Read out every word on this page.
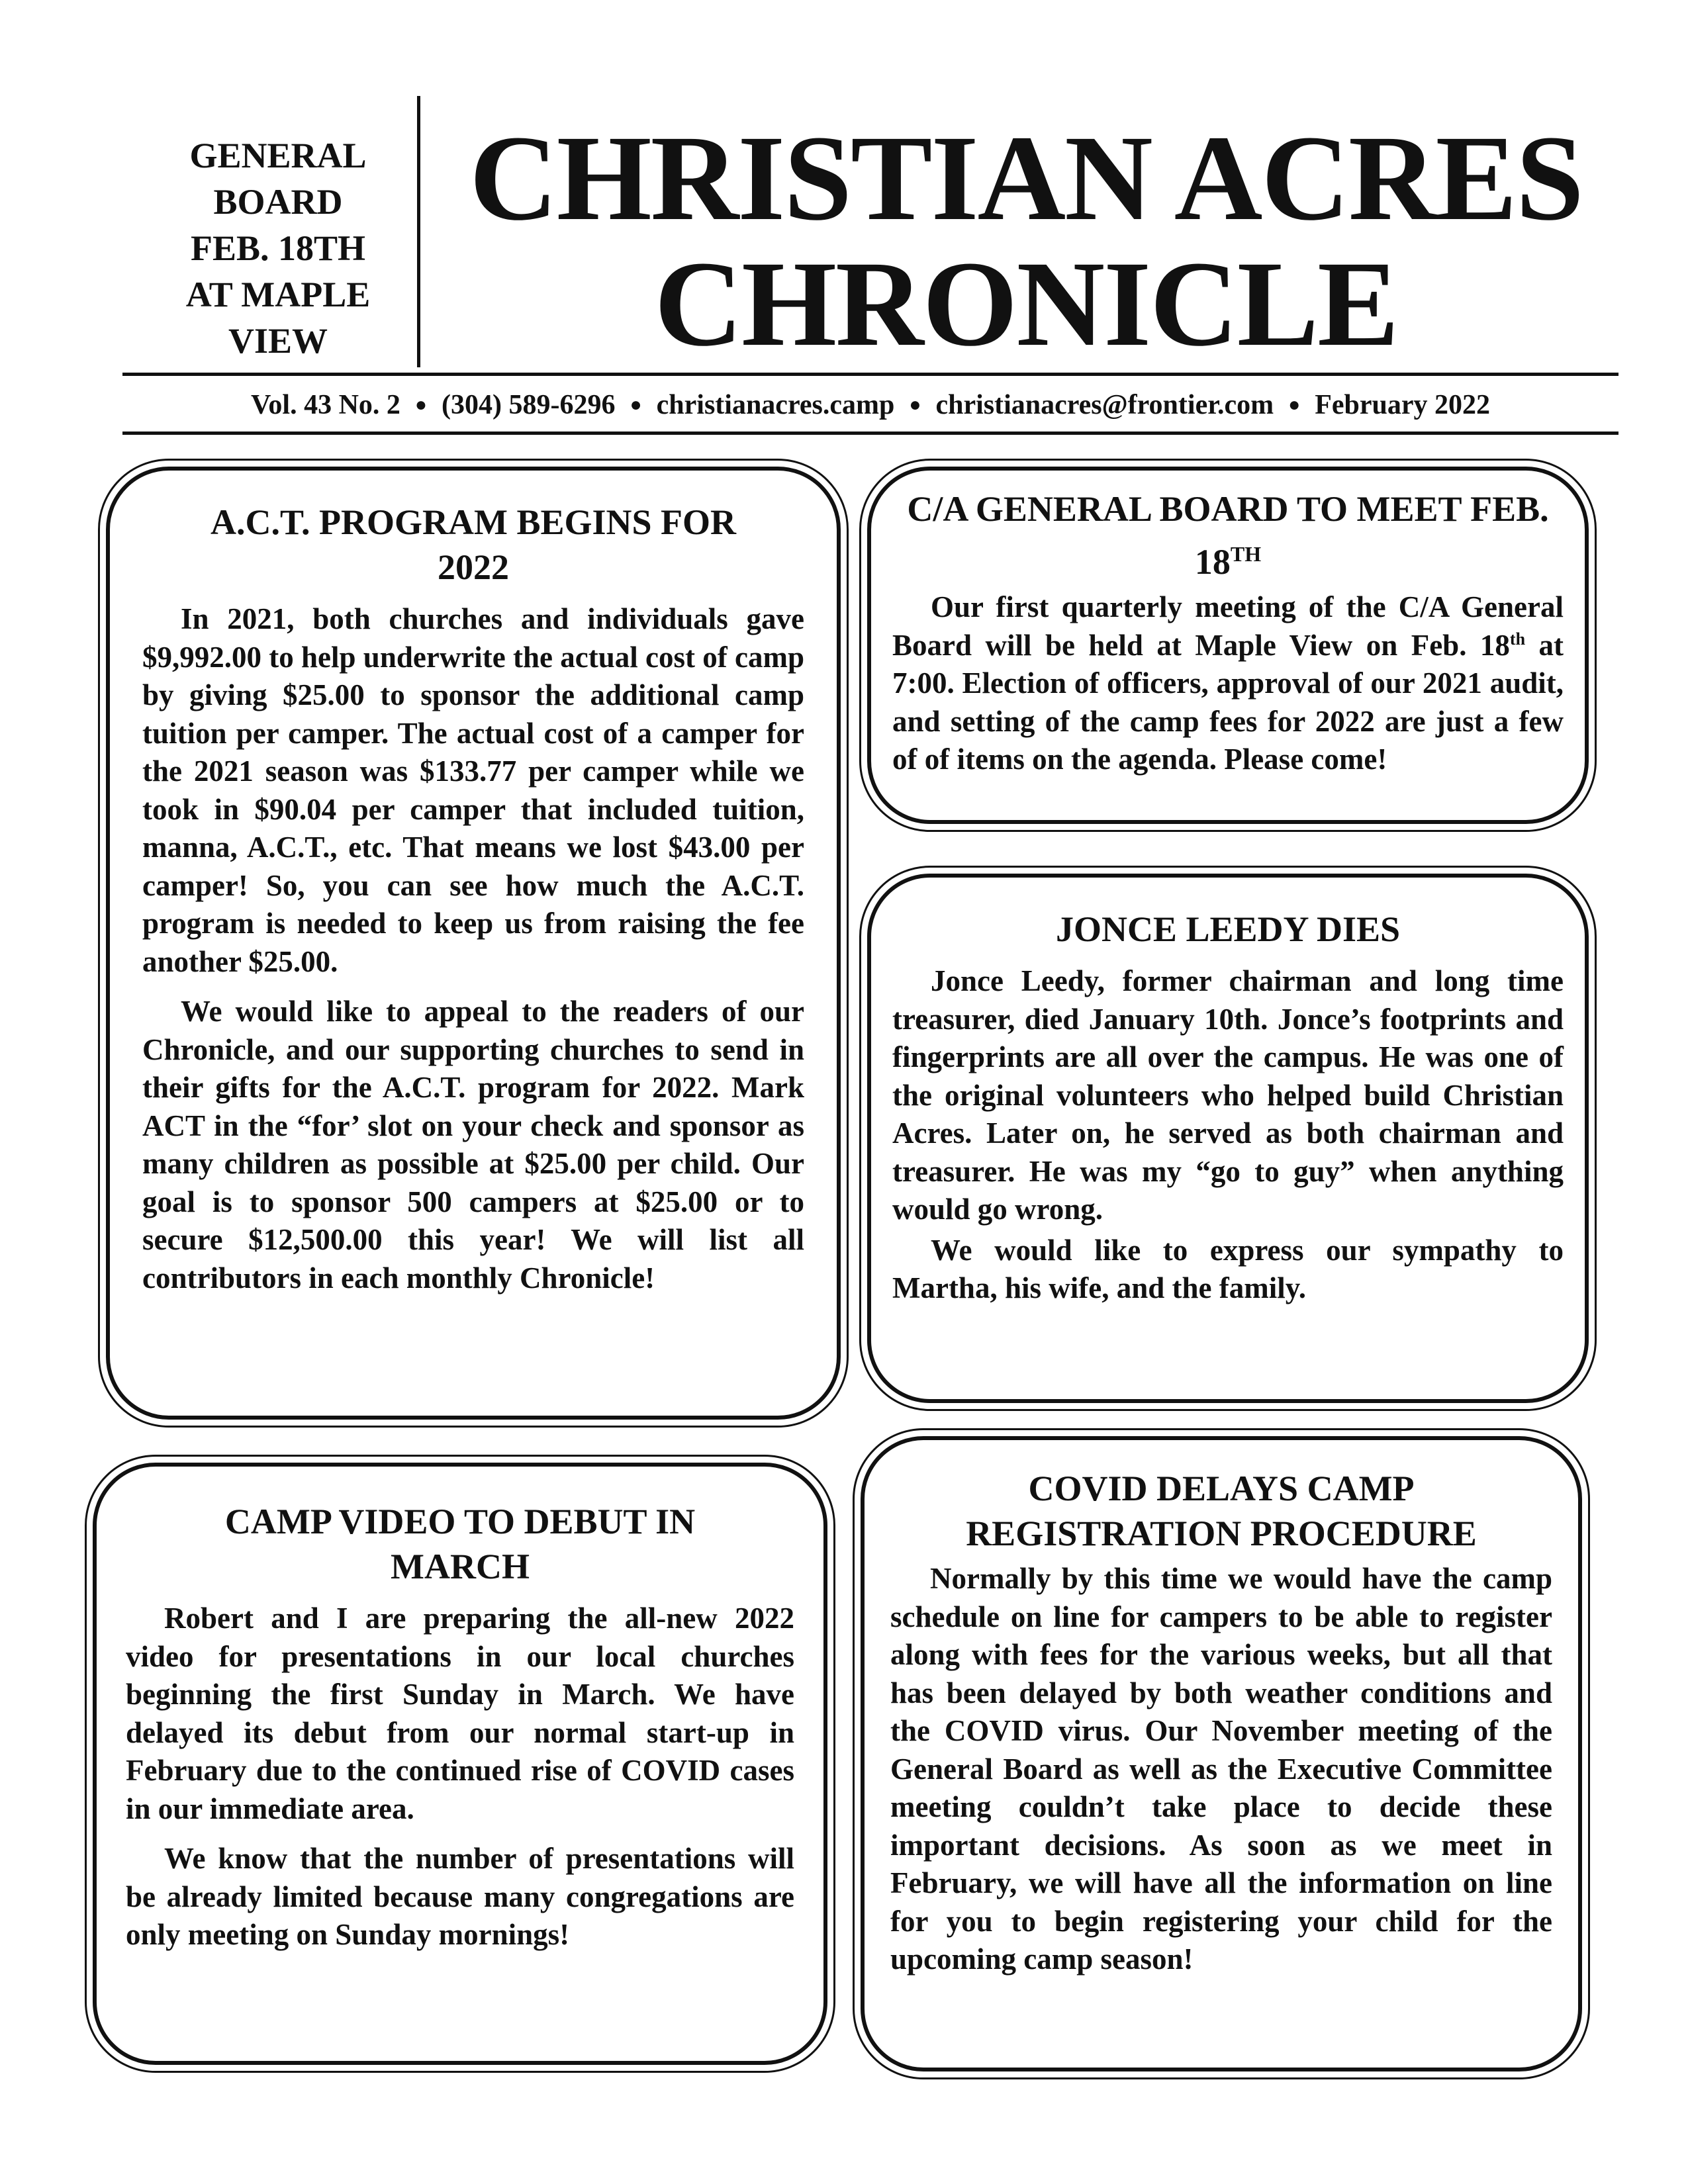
GENERAL
BOARD
FEB. 18TH
AT MAPLE
VIEW
CHRISTIAN ACRES
CHRONICLE
Vol. 43 No. 2 ● (304) 589-6296 ● christianacres.camp ● christianacres@frontier.com ● February 2022
A.C.T. PROGRAM BEGINS FOR 2022

In 2021, both churches and individuals gave $9,992.00 to help underwrite the actual cost of camp by giving $25.00 to sponsor the additional camp tuition per camper. The actual cost of a camper for the 2021 season was $133.77 per camper while we took in $90.04 per camper that included tuition, manna, A.C.T., etc. That means we lost $43.00 per camper! So, you can see how much the A.C.T. program is needed to keep us from raising the fee another $25.00.

We would like to appeal to the readers of our Chronicle, and our supporting churches to send in their gifts for the A.C.T. program for 2022. Mark ACT in the “for’ slot on your check and sponsor as many children as possible at $25.00 per child. Our goal is to sponsor 500 campers at $25.00 or to secure $12,500.00 this year! We will list all contributors in each monthly Chronicle!

C/A GENERAL BOARD TO MEET FEB. 18TH

Our first quarterly meeting of the C/A General Board will be held at Maple View on Feb. 18th at 7:00. Election of officers, approval of our 2021 audit, and setting of the camp fees for 2022 are just a few of of items on the agenda. Please come!

JONCE LEEDY DIES

Jonce Leedy, former chairman and long time treasurer, died January 10th. Jonce’s footprints and fingerprints are all over the campus. He was one of the original volunteers who helped build Christian Acres. Later on, he served as both chairman and treasurer. He was my “go to guy” when anything would go wrong.

We would like to express our sympathy to Martha, his wife, and the family.

CAMP VIDEO TO DEBUT IN MARCH

Robert and I are preparing the all-new 2022 video for presentations in our local churches beginning the first Sunday in March. We have delayed its debut from our normal start-up in February due to the continued rise of COVID cases in our immediate area.

We know that the number of presentations will be already limited because many congregations are only meeting on Sunday mornings!

COVID DELAYS CAMP REGISTRATION PROCEDURE

Normally by this time we would have the camp schedule on line for campers to be able to register along with fees for the various weeks, but all that has been delayed by both weather conditions and the COVID virus. Our November meeting of the General Board as well as the Executive Committee meeting couldn’t take place to decide these important decisions. As soon as we meet in February, we will have all the information on line for you to begin registering your child for the upcoming camp season!
